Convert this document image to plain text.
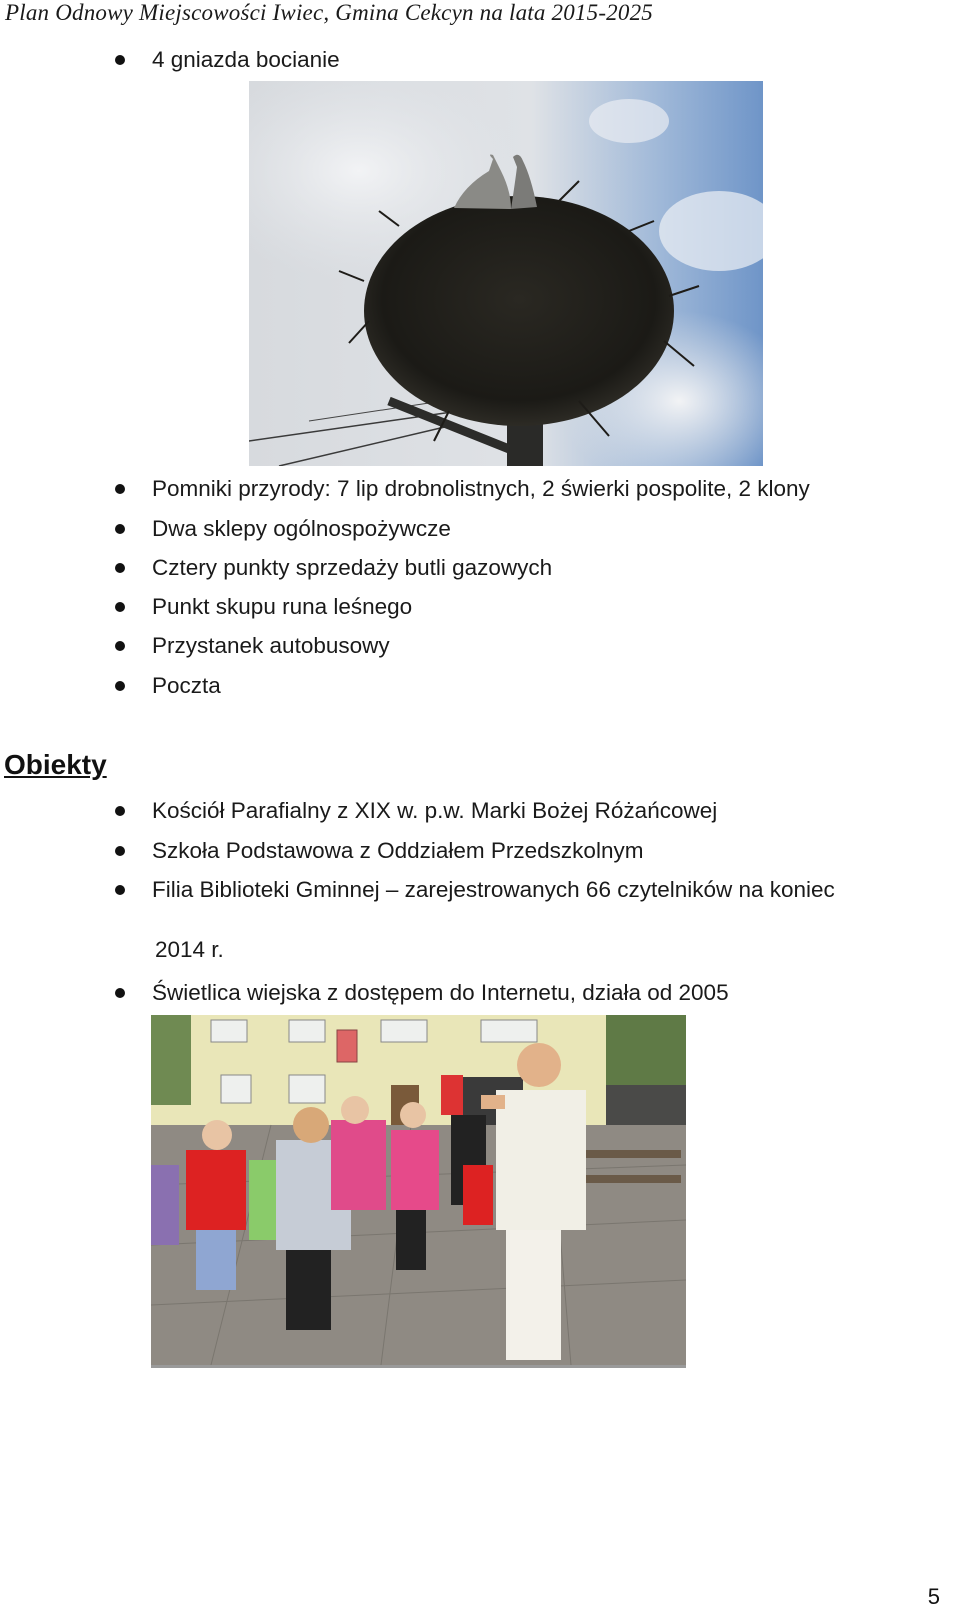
Plan Odnowy Miejscowości Iwiec, Gmina Cekcyn na lata 2015-2025
4 gniazda bocianie
Pomniki przyrody: 7 lip drobnolistnych, 2 świerki pospolite, 2 klony
Dwa sklepy ogólnospożywcze
Cztery punkty sprzedaży butli gazowych
Punkt skupu runa leśnego
Przystanek autobusowy
Poczta
Obiekty
Kościół Parafialny z XIX w. p.w. Marki Bożej Różańcowej
Szkoła Podstawowa z Oddziałem Przedszkolnym
Filia Biblioteki Gminnej – zarejestrowanych 66 czytelników na koniec
2014 r.
Świetlica wiejska z dostępem do Internetu, działa od 2005
5
